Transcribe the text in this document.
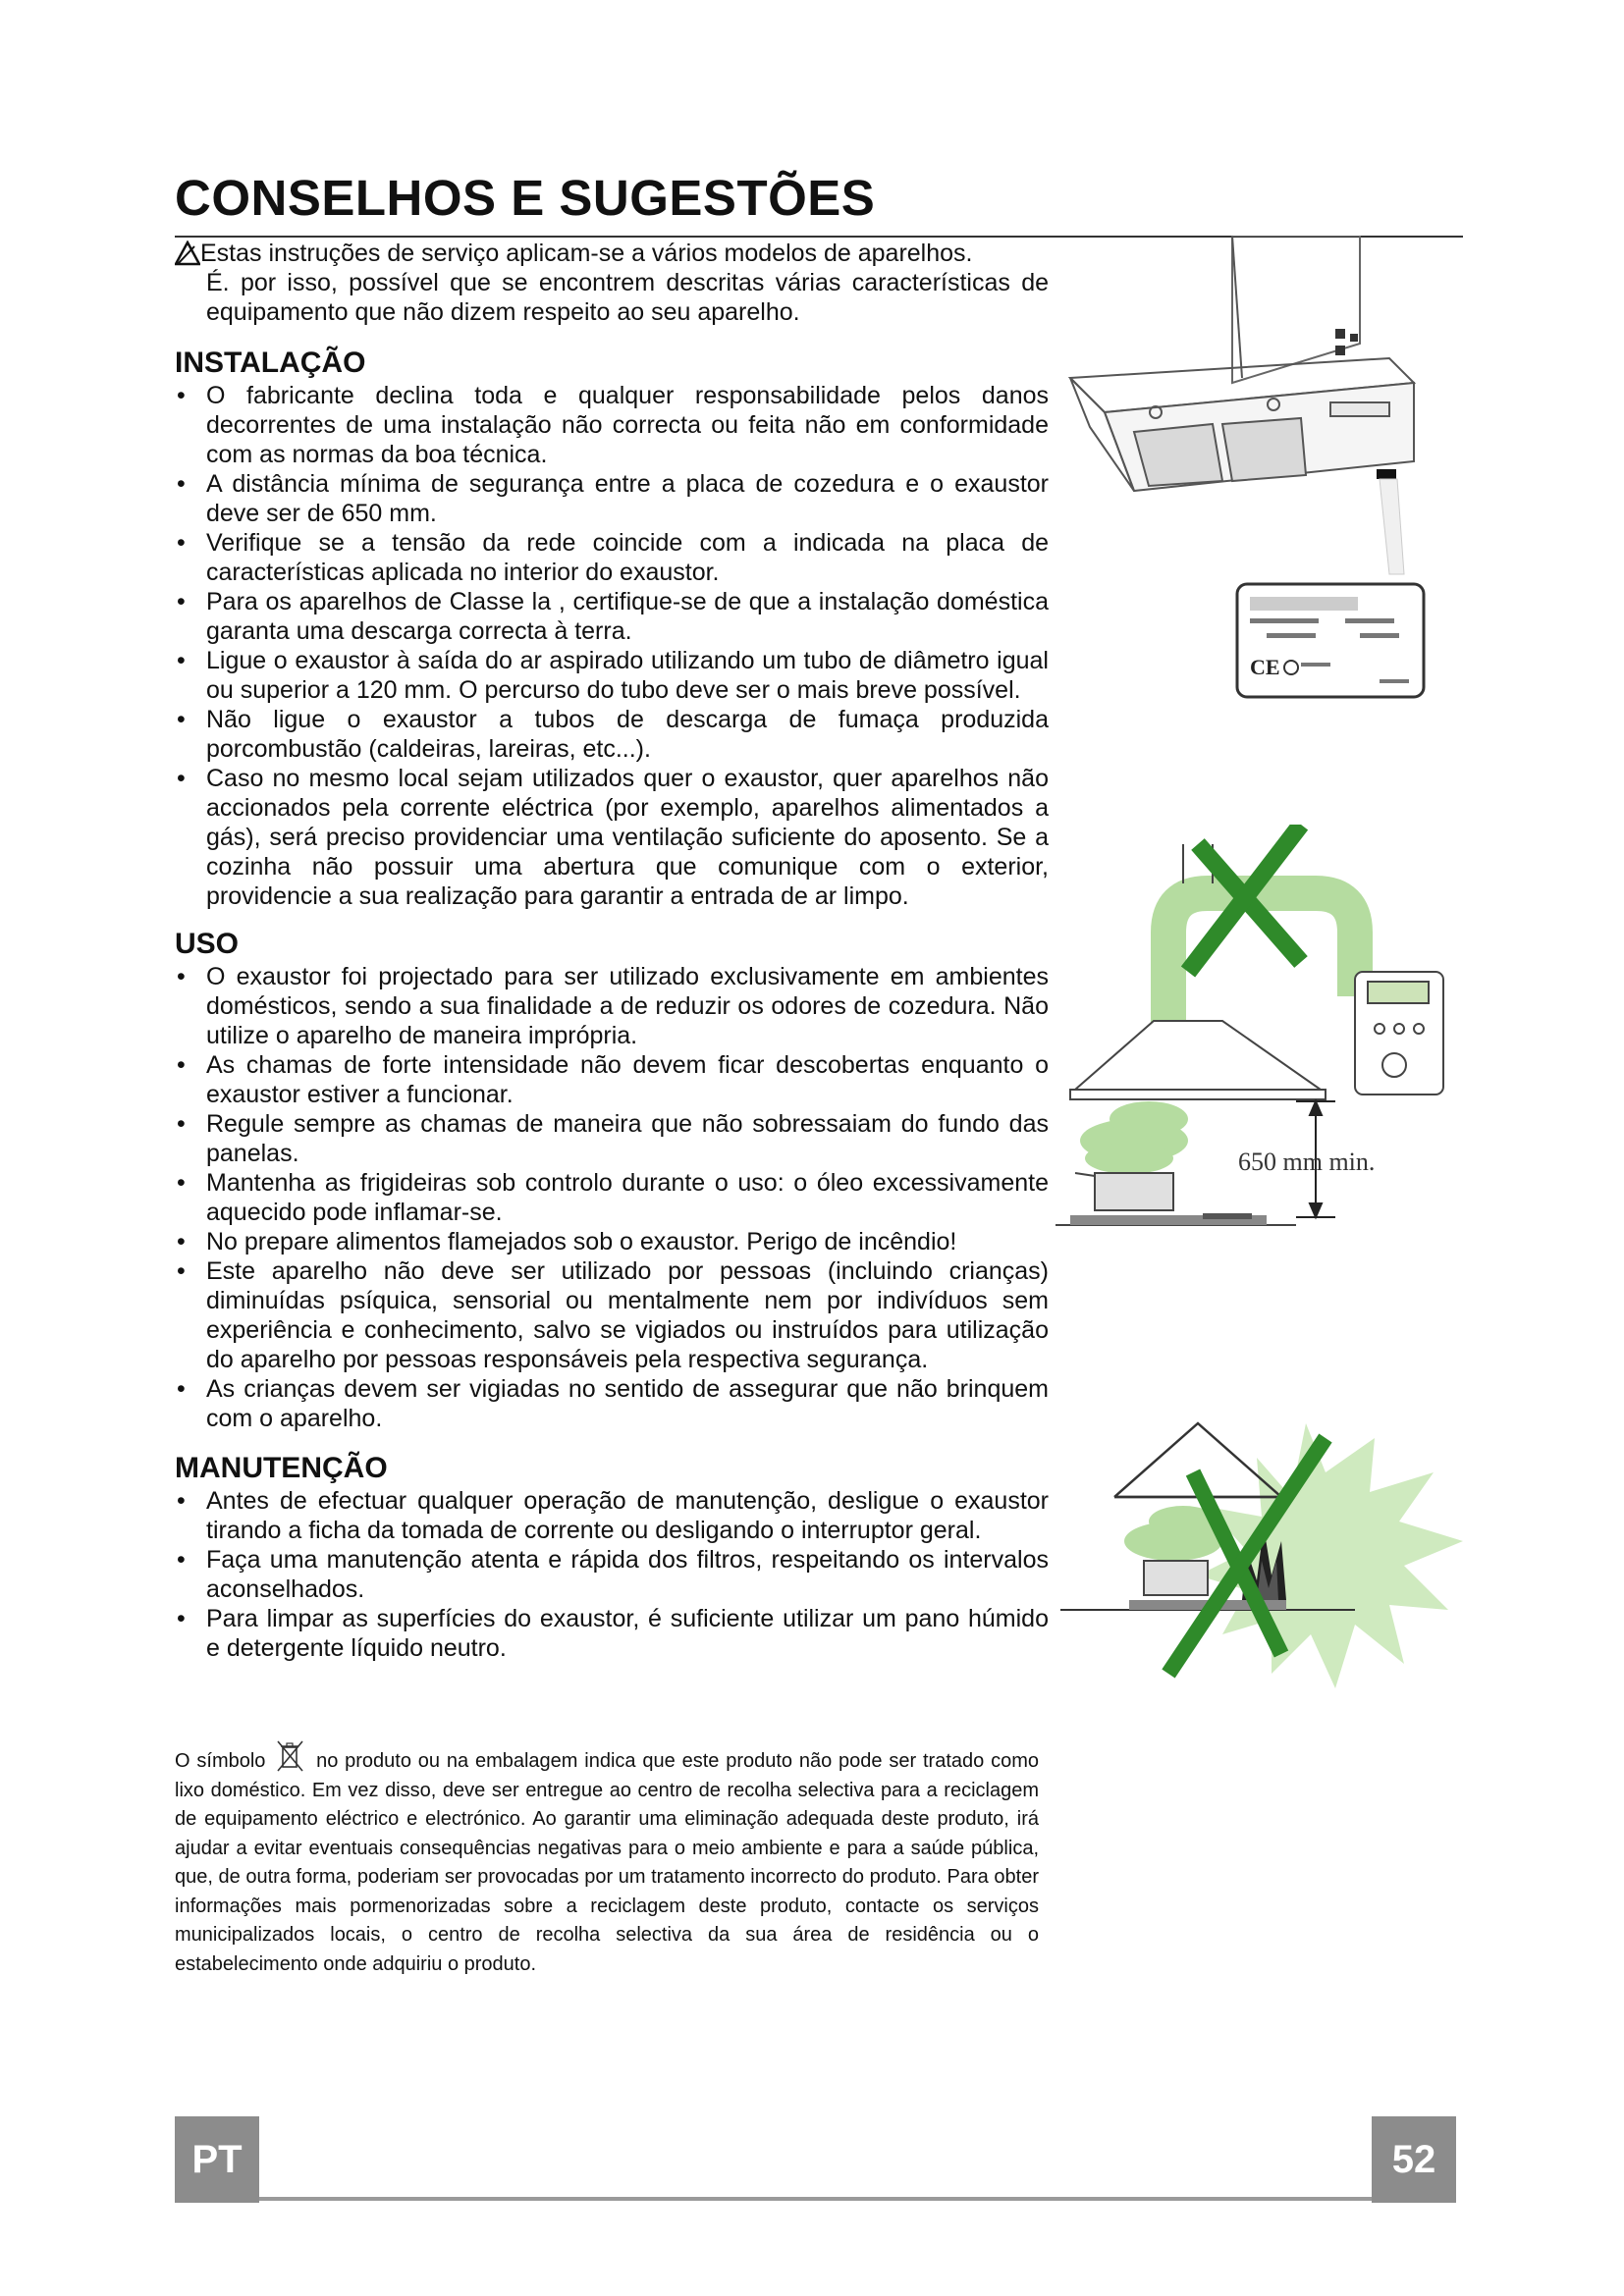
CONSELHOS E SUGESTÕES

Estas instruções de serviço aplicam-se a vários modelos de aparelhos.

É. por isso, possível que se encontrem descritas várias características de equipamento que não dizem respeito ao seu aparelho.

INSTALAÇÃO
• O fabricante declina toda e qualquer responsabilidade pelos danos decorrentes de uma instalação não correcta ou feita não em conformidade com as normas da boa técnica.
• A distância mínima de segurança entre a placa de cozedura e o exaustor deve ser de 650 mm.
• Verifique se a tensão da rede coincide com a indicada na placa de características aplicada no interior do exaustor.
• Para os aparelhos de Classe la , certifique-se de que a instalação doméstica garanta uma descarga correcta à terra.
• Ligue o exaustor à saída do ar aspirado utilizando um tubo de diâmetro igual ou superior a 120 mm. O percurso do tubo deve ser o mais breve possível.
• Não ligue o exaustor a tubos de descarga de fumaça produzida porcombustão (caldeiras, lareiras, etc...).
• Caso no mesmo local sejam utilizados quer o exaustor, quer aparelhos não accionados pela corrente eléctrica (por exemplo, aparelhos alimentados a gás), será preciso providenciar uma ventilação suficiente do aposento. Se a cozinha não possuir uma abertura que comunique com o exterior, providencie a sua realização para garantir a entrada de ar limpo.
USO
• O exaustor foi projectado para ser utilizado exclusivamente em ambientes domésticos, sendo a sua finalidade a de reduzir os odores de cozedura. Não utilize o aparelho de maneira imprópria.
• As chamas de forte intensidade não devem ficar descobertas enquanto o exaustor estiver a funcionar.
• Regule sempre as chamas de maneira que não sobressaiam do fundo das panelas.
• Mantenha as frigideiras sob controlo durante o uso: o óleo excessivamente aquecido pode inflamar-se.
• No prepare alimentos flamejados sob o exaustor. Perigo de incêndio!
• Este aparelho não deve ser utilizado por pessoas (incluindo crianças) diminuídas psíquica, sensorial ou mentalmente nem por indivíduos sem experiência e conhecimento, salvo se vigiados ou instruídos para utilização do aparelho por pessoas responsáveis pela respectiva segurança.
• As crianças devem ser vigiadas no sentido de assegurar que não brinquem com o aparelho.
MANUTENÇÃO
• Antes de efectuar qualquer operação de manutenção, desligue o exaustor tirando a ficha da tomada de corrente ou desligando o interruptor geral.
• Faça uma manutenção atenta e rápida dos filtros, respeitando os intervalos aconselhados.
• Para limpar as superfícies do exaustor, é suficiente utilizar um pano húmido e detergente líquido neutro.
O símbolo	no produto ou na embalagem indica que este produto não pode ser tratado como lixo doméstico. Em vez disso, deve ser entregue ao centro de recolha selectiva para a reciclagem de equipamento eléctrico e electrónico. Ao garantir uma eliminação adequada deste produto, irá ajudar a evitar eventuais consequências negativas para o meio ambiente e para a saúde pública, que, de outra forma, poderiam ser provocadas por um tratamento incorrecto do produto. Para obter informações mais pormenorizadas sobre a reciclagem deste produto, contacte os serviços municipalizados locais, o centro de recolha selectiva da sua área de residência ou o estabelecimento onde adquiriu o produto.
CE
650 mm min.
PT	52
